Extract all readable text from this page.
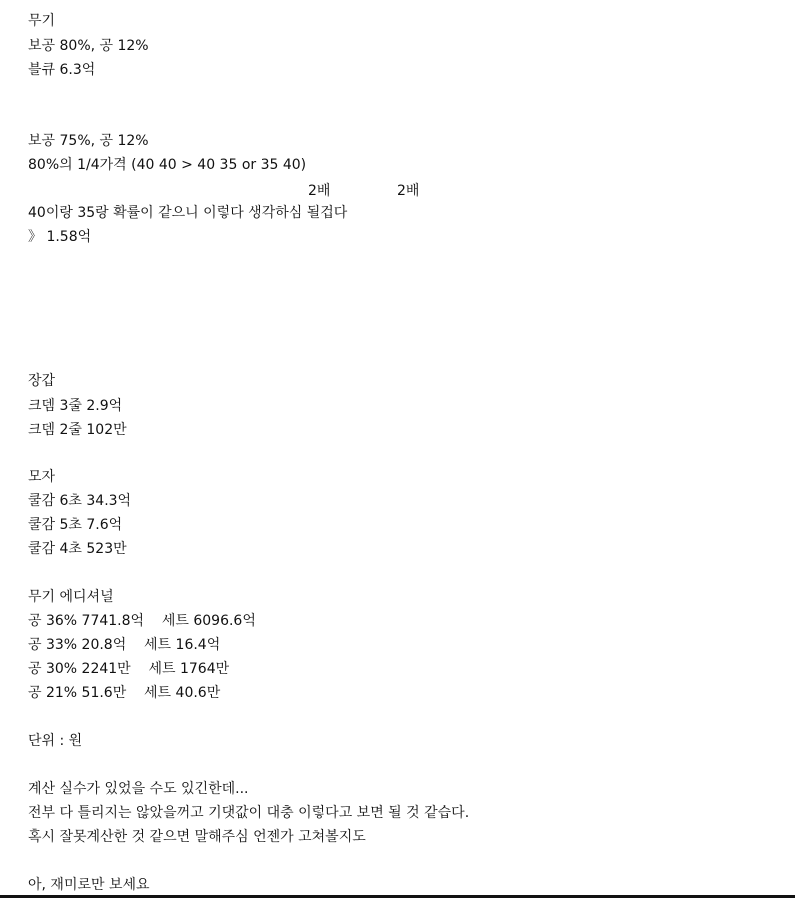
무기
보공 80%, 공 12%
블큐 6.3억
보공 75%, 공 12%
80%의 1/4가격 (40 40 > 40 35 or 35 40)
2배	2배
40이랑 35랑 확률이 같으니 이렇다 생각하심 될겁다
》 1.58억
장갑
크뎀 3줄 2.9억
크뎀 2줄 102만
모자
쿨감 6초 34.3억
쿨감 5초 7.6억
쿨감 4초 523만
무기 에디셔널
공 36% 7741.8억    세트 6096.6억
공 33% 20.8억    세트 16.4억
공 30% 2241만    세트 1764만
공 21% 51.6만    세트 40.6만
단위 : 원
계산 실수가 있었을 수도 있긴한데...
전부 다 틀리지는 않았을꺼고 기댓값이 대충 이렇다고 보면 될 것 같습다.
혹시 잘못계산한 것 같으면 말해주심 언젠가 고쳐볼지도
아, 재미로만 보세요
